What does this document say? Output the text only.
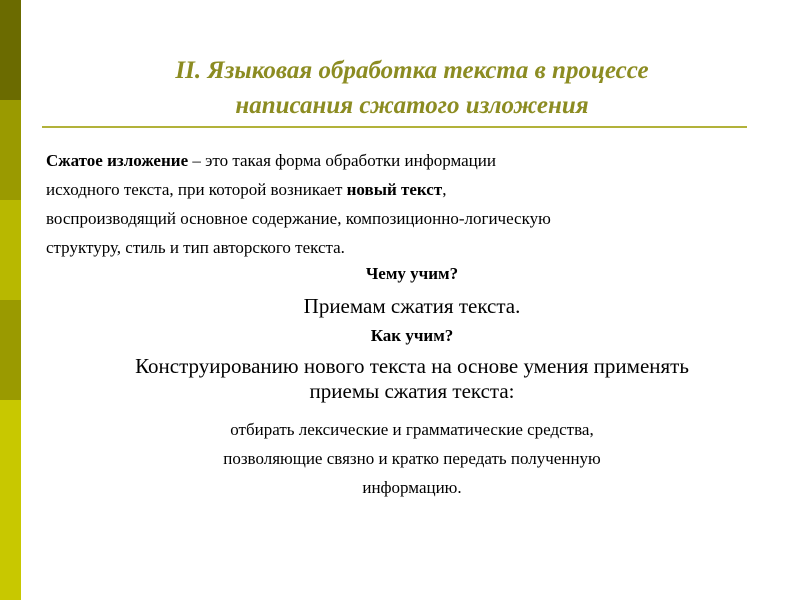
II. Языковая обработка текста в процессе
написания сжатого изложения
Сжатое изложение – это такая форма обработки информации
исходного текста, при которой возникает новый текст,
воспроизводящий основное содержание, композиционно-логическую
структуру, стиль и тип авторского текста.
Чему учим?
Приемам сжатия текста.
Как учим?
Конструированию нового текста на основе умения применять
приемы сжатия текста:
отбирать лексические и грамматические средства,
позволяющие связно и кратко передать полученную
информацию.
